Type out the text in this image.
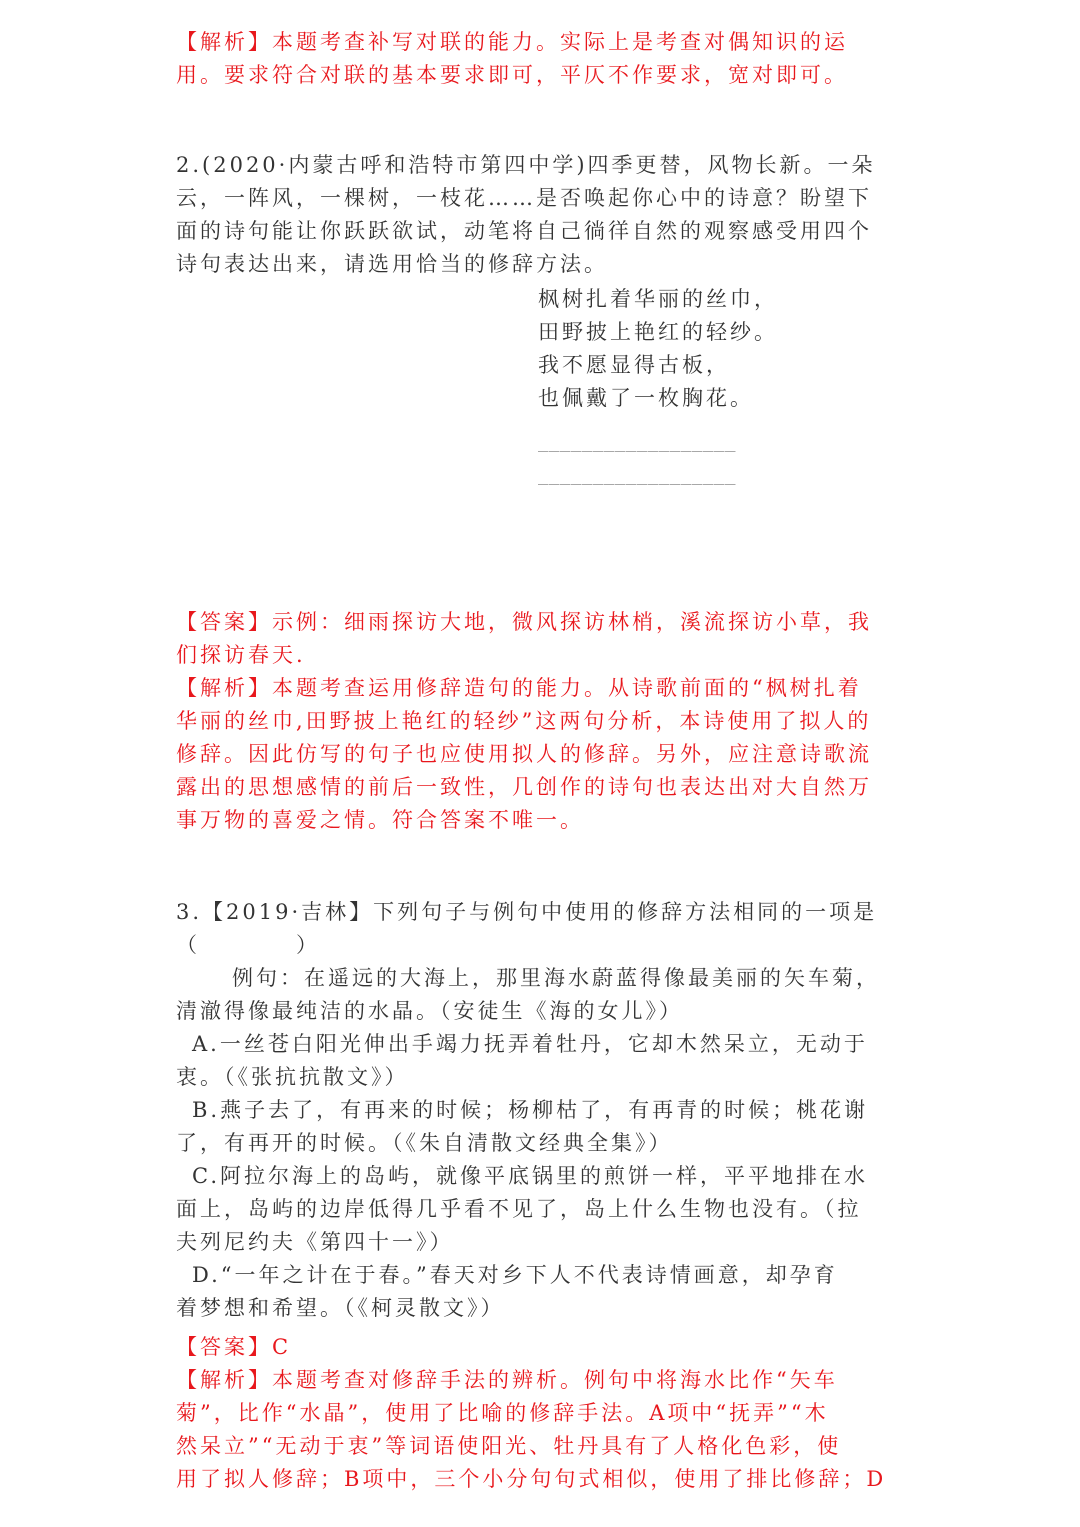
【解析】本题考查补写对联的能力。实际上是考查对偶知识的运
用。要求符合对联的基本要求即可，平仄不作要求，宽对即可。
2.(2020·内蒙古呼和浩特市第四中学)四季更替，风物长新。一朵
云，一阵风，一棵树，一枝花……是否唤起你心中的诗意？盼望下
面的诗句能让你跃跃欲试，动笔将自己徜徉自然的观察感受用四个
诗句表达出来，请选用恰当的修辞方法。
枫树扎着华丽的丝巾，
田野披上艳红的轻纱。
我不愿显得古板，
也佩戴了一枚胸花。
__________________
__________________
【答案】示例：细雨探访大地，微风探访林梢，溪流探访小草，我
们探访春天.
【解析】本题考查运用修辞造句的能力。从诗歌前面的“枫树扎着
华丽的丝巾,田野披上艳红的轻纱”这两句分析，本诗使用了拟人的
修辞。因此仿写的句子也应使用拟人的修辞。另外，应注意诗歌流
露出的思想感情的前后一致性，几创作的诗句也表达出对大自然万
事万物的喜爱之情。符合答案不唯一。
3.【2019·吉林】下列句子与例句中使用的修辞方法相同的一项是
（　　　　）
例句：在遥远的大海上，那里海水蔚蓝得像最美丽的矢车菊，
清澈得像最纯洁的水晶。（安徒生《海的女儿》）
A.一丝苍白阳光伸出手竭力抚弄着牡丹，它却木然呆立，无动于
衷。（《张抗抗散文》）
B.燕子去了，有再来的时候；杨柳枯了，有再青的时候；桃花谢
了，有再开的时候。（《朱自清散文经典全集》）
C.阿拉尔海上的岛屿，就像平底锅里的煎饼一样，平平地排在水
面上，岛屿的边岸低得几乎看不见了，岛上什么生物也没有。（拉
夫列尼约夫《第四十一》）
D.“一年之计在于春。”春天对乡下人不代表诗情画意，却孕育
着梦想和希望。（《柯灵散文》）
【答案】C
【解析】本题考查对修辞手法的辨析。例句中将海水比作“矢车
菊”，比作“水晶”，使用了比喻的修辞手法。A项中“抚弄”“木
然呆立”“无动于衷”等词语使阳光、牡丹具有了人格化色彩，使
用了拟人修辞；B项中，三个小分句句式相似，使用了排比修辞；D
